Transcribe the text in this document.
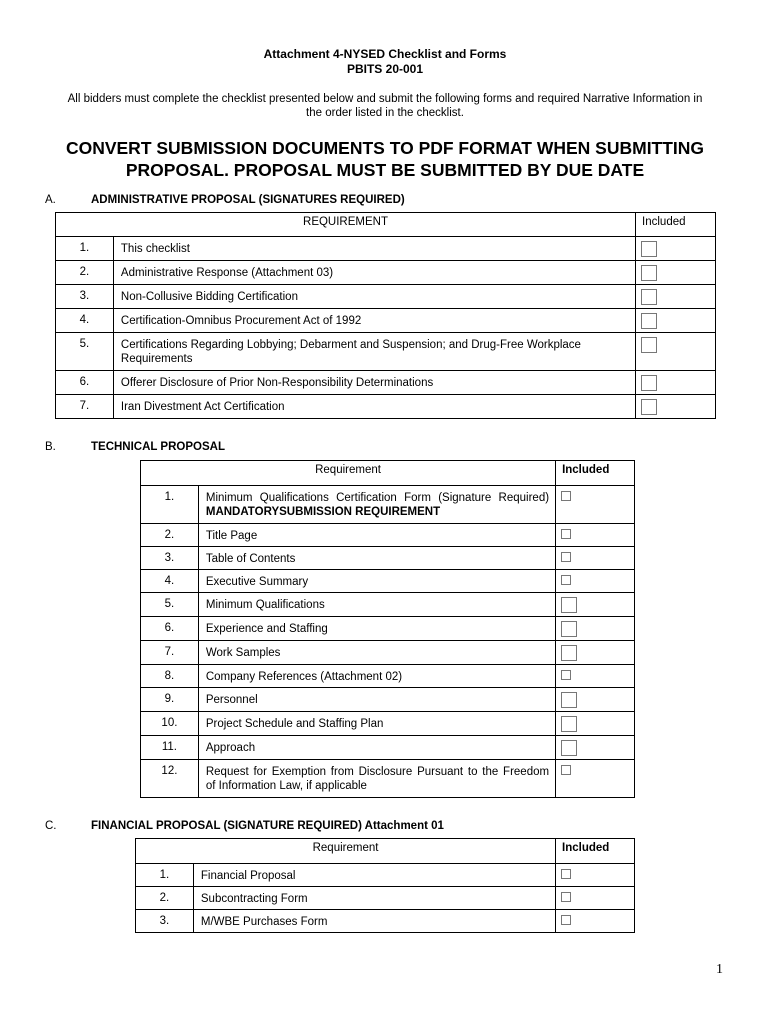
Attachment 4-NYSED Checklist and Forms
PBITS 20-001
All bidders must complete the checklist presented below and submit the following forms and required Narrative Information in the order listed in the checklist.
CONVERT SUBMISSION DOCUMENTS TO PDF FORMAT WHEN SUBMITTING PROPOSAL. PROPOSAL MUST BE SUBMITTED BY DUE DATE
A.	ADMINISTRATIVE PROPOSAL (SIGNATURES REQUIRED)
REQUIREMENT		Included
1.	This checklist	
2.	Administrative Response (Attachment 03)	
3.	Non-Collusive Bidding Certification	
4.	Certification-Omnibus Procurement Act of 1992	
5.	Certifications Regarding Lobbying; Debarment and Suspension; and Drug-Free Workplace Requirements	
6.	Offerer Disclosure of Prior Non-Responsibility Determinations	
7.	Iran Divestment Act Certification	
B.	TECHNICAL PROPOSAL
Requirement		Included
1.	Minimum Qualifications Certification Form (Signature Required) MANDATORYSUBMISSION REQUIREMENT	
2.	Title Page	
3.	Table of Contents	
4.	Executive Summary	
5.	Minimum Qualifications	
6.	Experience and Staffing	
7.	Work Samples	
8.	Company References (Attachment 02)	
9.	Personnel	
10.	Project Schedule and Staffing Plan	
11.	Approach	
12.	Request for Exemption from Disclosure Pursuant to the Freedom of Information Law, if applicable	
C.	FINANCIAL PROPOSAL (SIGNATURE REQUIRED) Attachment 01
Requirement		Included
1.	Financial Proposal	
2.	Subcontracting Form	
3.	M/WBE Purchases Form	
1
